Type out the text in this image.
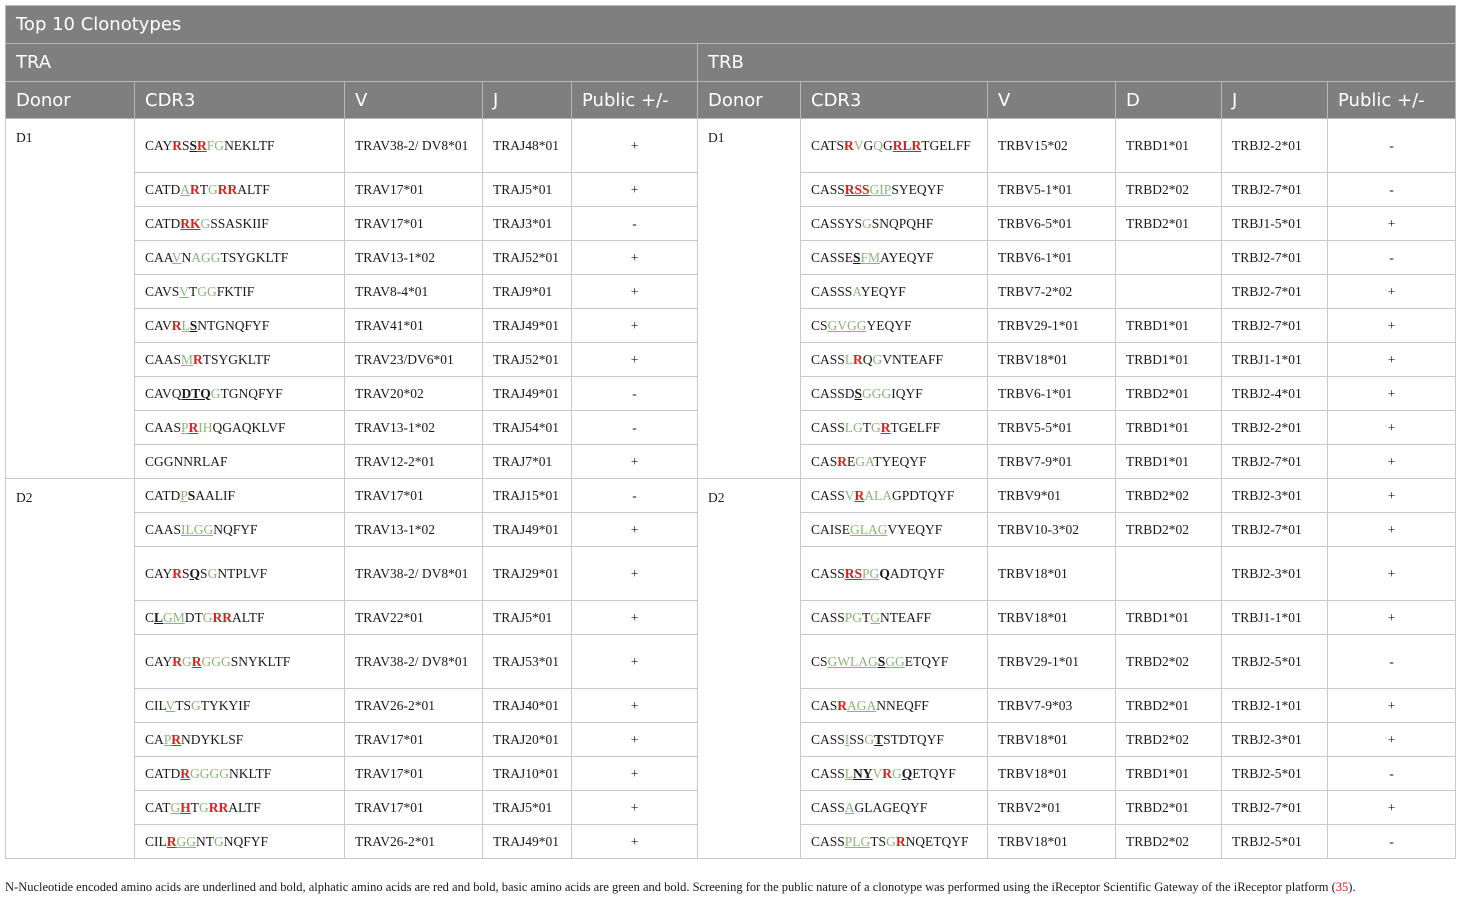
Top 10 Clonotypes										
TRA					TRB					
Donor	CDR3	V	J	Public +/-	Donor	CDR3	V	D	J	Public +/-
D1	CAYRSSRFGNEKLTF	TRAV38-2/ DV8*01	TRAJ48*01	+	D1	CATSRVGQGRLRTGELFF	TRBV15*02	TRBD1*01	TRBJ2-2*01	-
	CATDARTGRRALTF	TRAV17*01	TRAJ5*01	+		CASSRSSGIPSYEQYF	TRBV5-1*01	TRBD2*02	TRBJ2-7*01	-
	CATDRKGSSASKIIF	TRAV17*01	TRAJ3*01	-		CASSYSGSNQPQHF	TRBV6-5*01	TRBD2*01	TRBJ1-5*01	+
	CAAVNAGGTSYGKLTF	TRAV13-1*02	TRAJ52*01	+		CASSESFMAYEQYF	TRBV6-1*01		TRBJ2-7*01	-
	CAVSVTGGFKTIF	TRAV8-4*01	TRAJ9*01	+		CASSSAYEQYF	TRBV7-2*02		TRBJ2-7*01	+
	CAVRLSNTGNQFYF	TRAV41*01	TRAJ49*01	+		CSGVGGYEQYF	TRBV29-1*01	TRBD1*01	TRBJ2-7*01	+
	CAASMRTSYGKLTF	TRAV23/DV6*01	TRAJ52*01	+		CASSLRQGVNTEAFF	TRBV18*01	TRBD1*01	TRBJ1-1*01	+
	CAVQDTQGTGNQFYF	TRAV20*02	TRAJ49*01	-		CASSDSGGGIQYF	TRBV6-1*01	TRBD2*01	TRBJ2-4*01	+
	CAASPRIHQGAQKLVF	TRAV13-1*02	TRAJ54*01	-		CASSLGTGRTGELFF	TRBV5-5*01	TRBD1*01	TRBJ2-2*01	+
	CGGNNRLAF	TRAV12-2*01	TRAJ7*01	+		CASREGATYEQYF	TRBV7-9*01	TRBD1*01	TRBJ2-7*01	+
D2	CATDPSAALIF	TRAV17*01	TRAJ15*01	-	D2	CASSVRALAGPDTQYF	TRBV9*01	TRBD2*02	TRBJ2-3*01	+
	CAASILGGNQFYF	TRAV13-1*02	TRAJ49*01	+		CAISEGLAGVYEQYF	TRBV10-3*02	TRBD2*02	TRBJ2-7*01	+
	CAYRSQSGNTPLVF	TRAV38-2/ DV8*01	TRAJ29*01	+		CASSRSPGQADTQYF	TRBV18*01		TRBJ2-3*01	+
	CLGMDTGRRALTF	TRAV22*01	TRAJ5*01	+		CASSPGTGNTEAFF	TRBV18*01	TRBD1*01	TRBJ1-1*01	+
	CAYRGRGGGSNYKLTF	TRAV38-2/ DV8*01	TRAJ53*01	+		CSGWLAGSGGETQYF	TRBV29-1*01	TRBD2*02	TRBJ2-5*01	-
	CILVTSGTYKYIF	TRAV26-2*01	TRAJ40*01	+		CASRAGANNEQFF	TRBV7-9*03	TRBD2*01	TRBJ2-1*01	+
	CAPRNDYKLSF	TRAV17*01	TRAJ20*01	+		CASSISSGTSTDTQYF	TRBV18*01	TRBD2*02	TRBJ2-3*01	+
	CATDRGGGGNKLTF	TRAV17*01	TRAJ10*01	+		CASSLNYVRGQETQYF	TRBV18*01	TRBD1*01	TRBJ2-5*01	-
	CATGHTGRRALTF	TRAV17*01	TRAJ5*01	+		CASSAGLAGEQYF	TRBV2*01	TRBD2*01	TRBJ2-7*01	+
	CILRGGNTGNQFYF	TRAV26-2*01	TRAJ49*01	+		CASSPLGTSGRNQETQYF	TRBV18*01	TRBD2*02	TRBJ2-5*01	-
N-Nucleotide encoded amino acids are underlined and bold, alphatic amino acids are red and bold, basic amino acids are green and bold. Screening for the public nature of a clonotype was performed using the iReceptor Scientific Gateway of the iReceptor platform (35).
